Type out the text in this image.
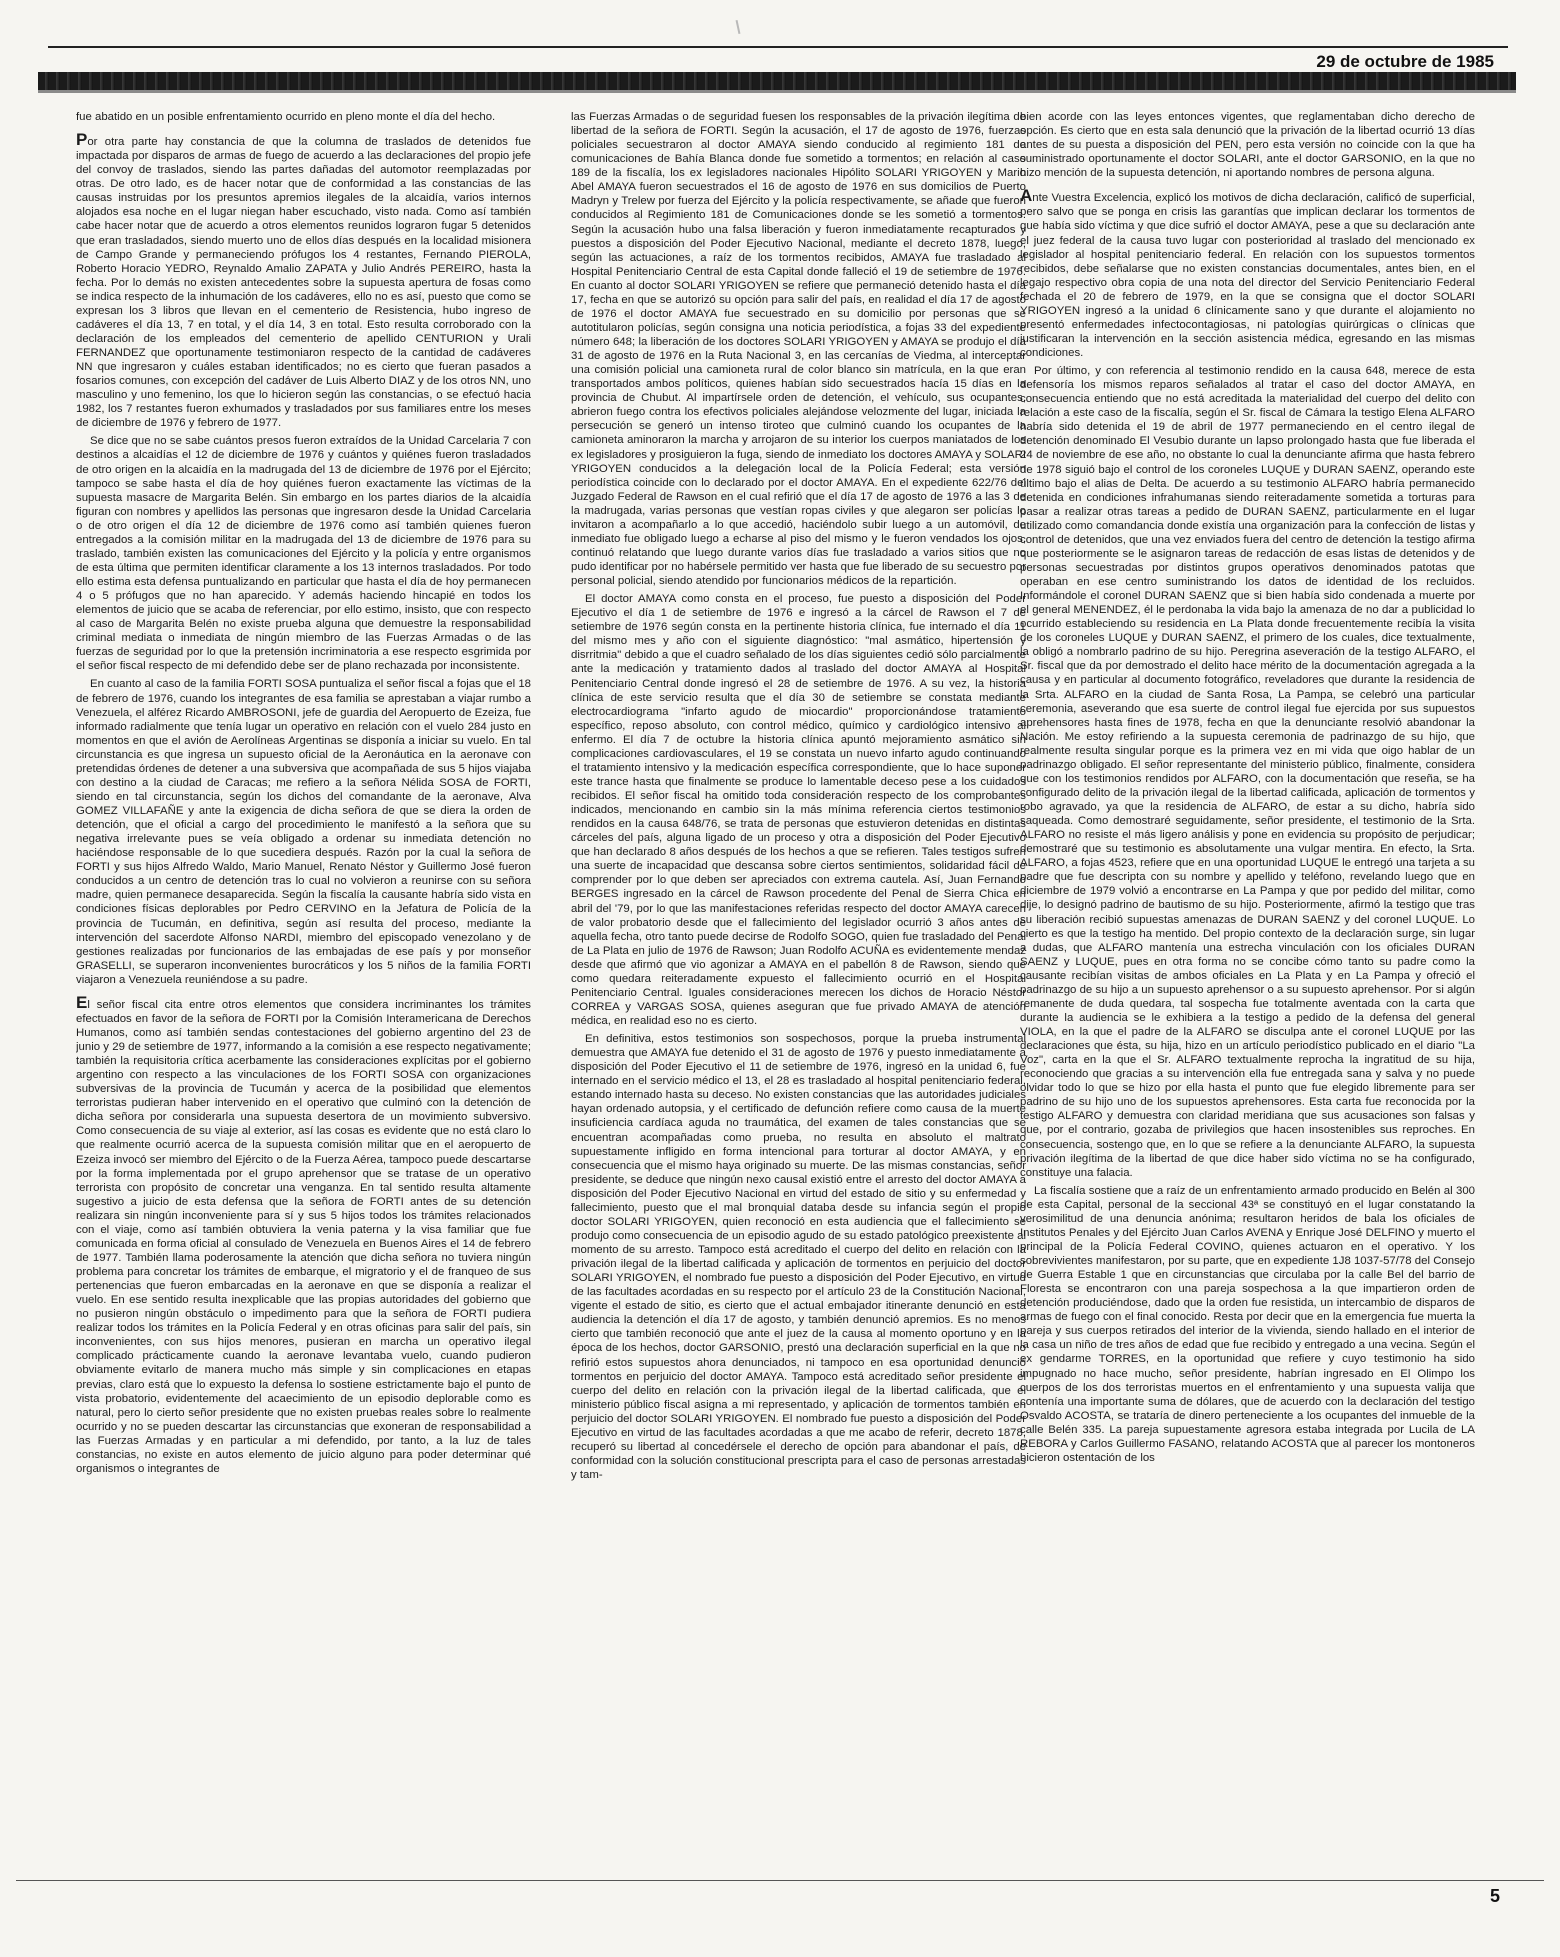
29 de octubre de 1985

fue abatido en un posible enfrentamiento ocurrido en pleno monte el día del hecho.

Por otra parte hay constancia de que la columna de traslados de detenidos fue impactada por disparos de armas de fuego de acuerdo a las declaraciones del propio jefe del convoy de traslados, siendo las partes dañadas del automotor reemplazadas por otras. De otro lado, es de hacer notar que de conformidad a las constancias de las causas instruidas por los presuntos apremios ilegales de la alcaidía, varios internos alojados esa noche en el lugar niegan haber escuchado, visto nada. Como así también cabe hacer notar que de acuerdo a otros elementos reunidos lograron fugar 5 detenidos que eran trasladados, siendo muerto uno de ellos días después en la localidad misionera de Campo Grande y permaneciendo prófugos los 4 restantes, Fernando PIEROLA, Roberto Horacio YEDRO, Reynaldo Amalio ZAPATA y Julio Andrés PEREIRO, hasta la fecha. Por lo demás no existen antecedentes sobre la supuesta apertura de fosas como se indica respecto de la inhumación de los cadáveres, ello no es así, puesto que como se expresan los 3 libros que llevan en el cementerio de Resistencia, hubo ingreso de cadáveres el día 13, 7 en total, y el día 14, 3 en total. Esto resulta corroborado con la declaración de los empleados del cementerio de apellido CENTURION y Urali FERNANDEZ que oportunamente testimoniaron respecto de la cantidad de cadáveres NN que ingresaron y cuáles estaban identificados; no es cierto que fueran pasados a fosarios comunes, con excepción del cadáver de Luis Alberto DIAZ y de los otros NN, uno masculino y uno femenino, los que lo hicieron según las constancias, o se efectuó hacia 1982, los 7 restantes fueron exhumados y trasladados por sus familiares entre los meses de diciembre de 1976 y febrero de 1977.

Se dice que no se sabe cuántos presos fueron extraídos de la Unidad Carcelaria 7 con destinos a alcaidías el 12 de diciembre de 1976 y cuántos y quiénes fueron trasladados de otro origen en la alcaidía en la madrugada del 13 de diciembre de 1976 por el Ejército; tampoco se sabe hasta el día de hoy quiénes fueron exactamente las víctimas de la supuesta masacre de Margarita Belén. Sin embargo en los partes diarios de la alcaidía figuran con nombres y apellidos las personas que ingresaron desde la Unidad Carcelaria o de otro origen el día 12 de diciembre de 1976 como así también quienes fueron entregados a la comisión militar en la madrugada del 13 de diciembre de 1976 para su traslado, también existen las comunicaciones del Ejército y la policía y entre organismos de esta última que permiten identificar claramente a los 13 internos trasladados. Por todo ello estima esta defensa puntualizando en particular que hasta el día de hoy permanecen 4 o 5 prófugos que no han aparecido. Y además haciendo hincapié en todos los elementos de juicio que se acaba de referenciar, por ello estimo, insisto, que con respecto al caso de Margarita Belén no existe prueba alguna que demuestre la responsabilidad criminal mediata o inmediata de ningún miembro de las Fuerzas Armadas o de las fuerzas de seguridad por lo que la pretensión incriminatoria a ese respecto esgrimida por el señor fiscal respecto de mi defendido debe ser de plano rechazada por inconsistente.

En cuanto al caso de la familia FORTI SOSA puntualiza el señor fiscal a fojas que el 18 de febrero de 1976, cuando los integrantes de esa familia se aprestaban a viajar rumbo a Venezuela, el alférez Ricardo AMBROSONI, jefe de guardia del Aeropuerto de Ezeiza, fue informado radialmente que tenía lugar un operativo en relación con el vuelo 284 justo en momentos en que el avión de Aerolíneas Argentinas se disponía a iniciar su vuelo. En tal circunstancia es que ingresa un supuesto oficial de la Aeronáutica en la aeronave con pretendidas órdenes de detener a una subversiva que acompañada de sus 5 hijos viajaba con destino a la ciudad de Caracas; me refiero a la señora Nélida SOSA de FORTI, siendo en tal circunstancia, según los dichos del comandante de la aeronave, Alva GOMEZ VILLAFAÑE y ante la exigencia de dicha señora de que se diera la orden de detención, que el oficial a cargo del procedimiento le manifestó a la señora que su negativa irrelevante pues se veía obligado a ordenar su inmediata detención no haciéndose responsable de lo que sucediera después. Razón por la cual la señora de FORTI y sus hijos Alfredo Waldo, Mario Manuel, Renato Néstor y Guillermo José fueron conducidos a un centro de detención tras lo cual no volvieron a reunirse con su señora madre, quien permanece desaparecida. Según la fiscalía la causante habría sido vista en condiciones físicas deplorables por Pedro CERVINO en la Jefatura de Policía de la provincia de Tucumán, en definitiva, según así resulta del proceso, mediante la intervención del sacerdote Alfonso NARDI, miembro del episcopado venezolano y de gestiones realizadas por funcionarios de las embajadas de ese país y por monseñor GRASELLI, se superaron inconvenientes burocráticos y los 5 niños de la familia FORTI viajaron a Venezuela reuniéndose a su padre.

El señor fiscal cita entre otros elementos que considera incriminantes los trámites efectuados en favor de la señora de FORTI por la Comisión Interamericana de Derechos Humanos, como así también sendas contestaciones del gobierno argentino del 23 de junio y 29 de setiembre de 1977, informando a la comisión a ese respecto negativamente; también la requisitoria crítica acerbamente las consideraciones explícitas por el gobierno argentino con respecto a las vinculaciones de los FORTI SOSA con organizaciones subversivas de la provincia de Tucumán y acerca de la posibilidad que elementos terroristas pudieran haber intervenido en el operativo que culminó con la detención de dicha señora por considerarla una supuesta desertora de un movimiento subversivo. Como consecuencia de su viaje al exterior, así las cosas es evidente que no está claro lo que realmente ocurrió acerca de la supuesta comisión militar que en el aeropuerto de Ezeiza invocó ser miembro del Ejército o de la Fuerza Aérea, tampoco puede descartarse por la forma implementada por el grupo aprehensor que se tratase de un operativo terrorista con propósito de concretar una venganza. En tal sentido resulta altamente sugestivo a juicio de esta defensa que la señora de FORTI antes de su detención realizara sin ningún inconveniente para sí y sus 5 hijos todos los trámites relacionados con el viaje, como así también obtuviera la venia paterna y la visa familiar que fue comunicada en forma oficial al consulado de Venezuela en Buenos Aires el 14 de febrero de 1977. También llama poderosamente la atención que dicha señora no tuviera ningún problema para concretar los trámites de embarque, el migratorio y el de franqueo de sus pertenencias que fueron embarcadas en la aeronave en que se disponía a realizar el vuelo. En ese sentido resulta inexplicable que las propias autoridades del gobierno que no pusieron ningún obstáculo o impedimento para que la señora de FORTI pudiera realizar todos los trámites en la Policía Federal y en otras oficinas para salir del país, sin inconvenientes, con sus hijos menores, pusieran en marcha un operativo ilegal complicado prácticamente cuando la aeronave levantaba vuelo, cuando pudieron obviamente evitarlo de manera mucho más simple y sin complicaciones en etapas previas, claro está que lo expuesto la defensa lo sostiene estrictamente bajo el punto de vista probatorio, evidentemente del acaecimiento de un episodio deplorable como es natural, pero lo cierto señor presidente que no existen pruebas reales sobre lo realmente ocurrido y no se pueden descartar las circunstancias que exoneran de responsabilidad a las Fuerzas Armadas y en particular a mi defendido, por tanto, a la luz de tales constancias, no existe en autos elemento de juicio alguno para poder determinar qué organismos o integrantes de

las Fuerzas Armadas o de seguridad fuesen los responsables de la privación ilegítima de libertad de la señora de FORTI. Según la acusación, el 17 de agosto de 1976, fuerzas policiales secuestraron al doctor AMAYA siendo conducido al regimiento 181 de comunicaciones de Bahía Blanca donde fue sometido a tormentos; en relación al caso 189 de la fiscalía, los ex legisladores nacionales Hipólito SOLARI YRIGOYEN y Mario Abel AMAYA fueron secuestrados el 16 de agosto de 1976 en sus domicilios de Puerto Madryn y Trelew por fuerza del Ejército y la policía respectivamente, se añade que fueron conducidos al Regimiento 181 de Comunicaciones donde se les sometió a tormentos. Según la acusación hubo una falsa liberación y fueron inmediatamente recapturados y puestos a disposición del Poder Ejecutivo Nacional, mediante el decreto 1878, luego, según las actuaciones, a raíz de los tormentos recibidos, AMAYA fue trasladado al Hospital Penitenciario Central de esta Capital donde falleció el 19 de setiembre de 1976. En cuanto al doctor SOLARI YRIGOYEN se refiere que permaneció detenido hasta el día 17, fecha en que se autorizó su opción para salir del país, en realidad el día 17 de agosto de 1976 el doctor AMAYA fue secuestrado en su domicilio por personas que se autotitularon policías, según consigna una noticia periodística, a fojas 33 del expediente número 648; la liberación de los doctores SOLARI YRIGOYEN y AMAYA se produjo el día 31 de agosto de 1976 en la Ruta Nacional 3, en las cercanías de Viedma, al interceptar una comisión policial una camioneta rural de color blanco sin matrícula, en la que eran transportados ambos políticos, quienes habían sido secuestrados hacía 15 días en la provincia de Chubut. Al impartírsele orden de detención, el vehículo, sus ocupantes, abrieron fuego contra los efectivos policiales alejándose velozmente del lugar, iniciada la persecución se generó un intenso tiroteo que culminó cuando los ocupantes de la camioneta aminoraron la marcha y arrojaron de su interior los cuerpos maniatados de los ex legisladores y prosiguieron la fuga, siendo de inmediato los doctores AMAYA y SOLARI YRIGOYEN conducidos a la delegación local de la Policía Federal; esta versión periodística coincide con lo declarado por el doctor AMAYA. En el expediente 622/76 del Juzgado Federal de Rawson en el cual refirió que el día 17 de agosto de 1976 a las 3 de la madrugada, varias personas que vestían ropas civiles y que alegaron ser policías lo invitaron a acompañarlo a lo que accedió, haciéndolo subir luego a un automóvil, de inmediato fue obligado luego a echarse al piso del mismo y le fueron vendados los ojos, continuó relatando que luego durante varios días fue trasladado a varios sitios que no pudo identificar por no habérsele permitido ver hasta que fue liberado de su secuestro por personal policial, siendo atendido por funcionarios médicos de la repartición.

El doctor AMAYA como consta en el proceso, fue puesto a disposición del Poder Ejecutivo el día 1 de setiembre de 1976 e ingresó a la cárcel de Rawson el 7 de setiembre de 1976 según consta en la pertinente historia clínica, fue internado el día 11 del mismo mes y año con el siguiente diagnóstico: "mal asmático, hipertensión y disrritmia" debido a que el cuadro señalado de los días siguientes cedió sólo parcialmente ante la medicación y tratamiento dados al traslado del doctor AMAYA al Hospital Penitenciario Central donde ingresó el 28 de setiembre de 1976. A su vez, la historia clínica de este servicio resulta que el día 30 de setiembre se constata mediante electrocardiograma "infarto agudo de miocardio" proporcionándose tratamiento específico, reposo absoluto, con control médico, químico y cardiológico intensivo al enfermo. El día 7 de octubre la historia clínica apuntó mejoramiento asmático sin complicaciones cardiovasculares, el 19 se constata un nuevo infarto agudo continuando el tratamiento intensivo y la medicación específica correspondiente, que lo hace suponer este trance hasta que finalmente se produce lo lamentable deceso pese a los cuidados recibidos. El señor fiscal ha omitido toda consideración respecto de los comprobantes indicados, mencionando en cambio sin la más mínima referencia ciertos testimonios rendidos en la causa 648/76, se trata de personas que estuvieron detenidas en distintas cárceles del país, alguna ligado de un proceso y otra a disposición del Poder Ejecutivo que han declarado 8 años después de los hechos a que se refieren. Tales testigos sufren una suerte de incapacidad que descansa sobre ciertos sentimientos, solidaridad fácil de comprender por lo que deben ser apreciados con extrema cautela. Así, Juan Fernando BERGES ingresado en la cárcel de Rawson procedente del Penal de Sierra Chica en abril del '79, por lo que las manifestaciones referidas respecto del doctor AMAYA carecen de valor probatorio desde que el fallecimiento del legislador ocurrió 3 años antes de aquella fecha, otro tanto puede decirse de Rodolfo SOGO, quien fue trasladado del Penal de La Plata en julio de 1976 de Rawson; Juan Rodolfo ACUÑA es evidentemente mendaz desde que afirmó que vio agonizar a AMAYA en el pabellón 8 de Rawson, siendo que como quedara reiteradamente expuesto el fallecimiento ocurrió en el Hospital Penitenciario Central. Iguales consideraciones merecen los dichos de Horacio Néstor CORREA y VARGAS SOSA, quienes aseguran que fue privado AMAYA de atención médica, en realidad eso no es cierto.

En definitiva, estos testimonios son sospechosos, porque la prueba instrumental demuestra que AMAYA fue detenido el 31 de agosto de 1976 y puesto inmediatamente a disposición del Poder Ejecutivo el 11 de setiembre de 1976, ingresó en la unidad 6, fue internado en el servicio médico el 13, el 28 es trasladado al hospital penitenciario federal, estando internado hasta su deceso. No existen constancias que las autoridades judiciales hayan ordenado autopsia, y el certificado de defunción refiere como causa de la muerte insuficiencia cardíaca aguda no traumática, del examen de tales constancias que se encuentran acompañadas como prueba, no resulta en absoluto el maltrato supuestamente infligido en forma intencional para torturar al doctor AMAYA, y en consecuencia que el mismo haya originado su muerte. De las mismas constancias, señor presidente, se deduce que ningún nexo causal existió entre el arresto del doctor AMAYA a disposición del Poder Ejecutivo Nacional en virtud del estado de sitio y su enfermedad y fallecimiento, puesto que el mal bronquial databa desde su infancia según el propio doctor SOLARI YRIGOYEN, quien reconoció en esta audiencia que el fallecimiento se produjo como consecuencia de un episodio agudo de su estado patológico preexistente al momento de su arresto. Tampoco está acreditado el cuerpo del delito en relación con la privación ilegal de la libertad calificada y aplicación de tormentos en perjuicio del doctor SOLARI YRIGOYEN, el nombrado fue puesto a disposición del Poder Ejecutivo, en virtud de las facultades acordadas en su respecto por el artículo 23 de la Constitución Nacional, vigente el estado de sitio, es cierto que el actual embajador itinerante denunció en esta audiencia la detención el día 17 de agosto, y también denunció apremios. Es no menos cierto que también reconoció que ante el juez de la causa al momento oportuno y en la época de los hechos, doctor GARSONIO, prestó una declaración superficial en la que no refirió estos supuestos ahora denunciados, ni tampoco en esa oportunidad denunció tormentos en perjuicio del doctor AMAYA. Tampoco está acreditado señor presidente el cuerpo del delito en relación con la privación ilegal de la libertad calificada, que el ministerio público fiscal asigna a mi representado, y aplicación de tormentos también en perjuicio del doctor SOLARI YRIGOYEN. El nombrado fue puesto a disposición del Poder Ejecutivo en virtud de las facultades acordadas a que me acabo de referir, decreto 1878, recuperó su libertad al concedérsele el derecho de opción para abandonar el país, de conformidad con la solución constitucional prescripta para el caso de personas arrestadas y tam-

bien acorde con las leyes entonces vigentes, que reglamentaban dicho derecho de opción. Es cierto que en esta sala denunció que la privación de la libertad ocurrió 13 días antes de su puesta a disposición del PEN, pero esta versión no coincide con la que ha suministrado oportunamente el doctor SOLARI, ante el doctor GARSONIO, en la que no hizo mención de la supuesta detención, ni aportando nombres de persona alguna.

Ante Vuestra Excelencia, explicó los motivos de dicha declaración, calificó de superficial, pero salvo que se ponga en crisis las garantías que implican declarar los tormentos de que había sido víctima y que dice sufrió el doctor AMAYA, pese a que su declaración ante el juez federal de la causa tuvo lugar con posterioridad al traslado del mencionado ex legislador al hospital penitenciario federal. En relación con los supuestos tormentos recibidos, debe señalarse que no existen constancias documentales, antes bien, en el legajo respectivo obra copia de una nota del director del Servicio Penitenciario Federal fechada el 20 de febrero de 1979, en la que se consigna que el doctor SOLARI YRIGOYEN ingresó a la unidad 6 clínicamente sano y que durante el alojamiento no presentó enfermedades infectocontagiosas, ni patologías quirúrgicas o clínicas que justificaran la intervención en la sección asistencia médica, egresando en las mismas condiciones.

Por último, y con referencia al testimonio rendido en la causa 648, merece de esta defensoría los mismos reparos señalados al tratar el caso del doctor AMAYA, en consecuencia entiendo que no está acreditada la materialidad del cuerpo del delito con relación a este caso de la fiscalía, según el Sr. fiscal de Cámara la testigo Elena ALFARO habría sido detenida el 19 de abril de 1977 permaneciendo en el centro ilegal de detención denominado El Vesubio durante un lapso prolongado hasta que fue liberada el 24 de noviembre de ese año, no obstante lo cual la denunciante afirma que hasta febrero de 1978 siguió bajo el control de los coroneles LUQUE y DURAN SAENZ, operando este último bajo el alias de Delta. De acuerdo a su testimonio ALFARO habría permanecido detenida en condiciones infrahumanas siendo reiteradamente sometida a torturas para pasar a realizar otras tareas a pedido de DURAN SAENZ, particularmente en el lugar utilizado como comandancia donde existía una organización para la confección de listas y control de detenidos, que una vez enviados fuera del centro de detención la testigo afirma que posteriormente se le asignaron tareas de redacción de esas listas de detenidos y de personas secuestradas por distintos grupos operativos denominados patotas que operaban en ese centro suministrando los datos de identidad de los recluidos. Informándole el coronel DURAN SAENZ que si bien había sido condenada a muerte por el general MENENDEZ, él le perdonaba la vida bajo la amenaza de no dar a publicidad lo ocurrido estableciendo su residencia en La Plata donde frecuentemente recibía la visita de los coroneles LUQUE y DURAN SAENZ, el primero de los cuales, dice textualmente, la obligó a nombrarlo padrino de su hijo. Peregrina aseveración de la testigo ALFARO, el Sr. fiscal que da por demostrado el delito hace mérito de la documentación agregada a la causa y en particular al documento fotográfico, reveladores que durante la residencia de la Srta. ALFARO en la ciudad de Santa Rosa, La Pampa, se celebró una particular ceremonia, aseverando que esa suerte de control ilegal fue ejercida por sus supuestos aprehensores hasta fines de 1978, fecha en que la denunciante resolvió abandonar la Nación. Me estoy refiriendo a la supuesta ceremonia de padrinazgo de su hijo, que realmente resulta singular porque es la primera vez en mi vida que oigo hablar de un padrinazgo obligado. El señor representante del ministerio público, finalmente, considera que con los testimonios rendidos por ALFARO, con la documentación que reseña, se ha configurado delito de la privación ilegal de la libertad calificada, aplicación de tormentos y robo agravado, ya que la residencia de ALFARO, de estar a su dicho, habría sido saqueada. Como demostraré seguidamente, señor presidente, el testimonio de la Srta. ALFARO no resiste el más ligero análisis y pone en evidencia su propósito de perjudicar; demostraré que su testimonio es absolutamente una vulgar mentira. En efecto, la Srta. ALFARO, a fojas 4523, refiere que en una oportunidad LUQUE le entregó una tarjeta a su padre que fue descripta con su nombre y apellido y teléfono, revelando luego que en diciembre de 1979 volvió a encontrarse en La Pampa y que por pedido del militar, como dije, lo designó padrino de bautismo de su hijo. Posteriormente, afirmó la testigo que tras su liberación recibió supuestas amenazas de DURAN SAENZ y del coronel LUQUE. Lo cierto es que la testigo ha mentido. Del propio contexto de la declaración surge, sin lugar a dudas, que ALFARO mantenía una estrecha vinculación con los oficiales DURAN SAENZ y LUQUE, pues en otra forma no se concibe cómo tanto su padre como la causante recibían visitas de ambos oficiales en La Plata y en La Pampa y ofreció el padrinazgo de su hijo a un supuesto aprehensor o a su supuesto aprehensor. Por si algún remanente de duda quedara, tal sospecha fue totalmente aventada con la carta que durante la audiencia se le exhibiera a la testigo a pedido de la defensa del general VIOLA, en la que el padre de la ALFARO se disculpa ante el coronel LUQUE por las declaraciones que ésta, su hija, hizo en un artículo periodístico publicado en el diario "La Voz", carta en la que el Sr. ALFARO textualmente reprocha la ingratitud de su hija, reconociendo que gracias a su intervención ella fue entregada sana y salva y no puede olvidar todo lo que se hizo por ella hasta el punto que fue elegido libremente para ser padrino de su hijo uno de los supuestos aprehensores. Esta carta fue reconocida por la testigo ALFARO y demuestra con claridad meridiana que sus acusaciones son falsas y que, por el contrario, gozaba de privilegios que hacen insostenibles sus reproches. En consecuencia, sostengo que, en lo que se refiere a la denunciante ALFARO, la supuesta privación ilegítima de la libertad de que dice haber sido víctima no se ha configurado, constituye una falacia.

La fiscalía sostiene que a raíz de un enfrentamiento armado producido en Belén al 300 de esta Capital, personal de la seccional 43ª se constituyó en el lugar constatando la verosimilitud de una denuncia anónima; resultaron heridos de bala los oficiales de Institutos Penales y del Ejército Juan Carlos AVENA y Enrique José DELFINO y muerto el principal de la Policía Federal COVINO, quienes actuaron en el operativo. Y los sobrevivientes manifestaron, por su parte, que en expediente 1J8 1037-57/78 del Consejo de Guerra Estable 1 que en circunstancias que circulaba por la calle Bel del barrio de Floresta se encontraron con una pareja sospechosa a la que impartieron orden de detención produciéndose, dado que la orden fue resistida, un intercambio de disparos de armas de fuego con el final conocido. Resta por decir que en la emergencia fue muerta la pareja y sus cuerpos retirados del interior de la vivienda, siendo hallado en el interior de la casa un niño de tres años de edad que fue recibido y entregado a una vecina. Según el ex gendarme TORRES, en la oportunidad que refiere y cuyo testimonio ha sido impugnado no hace mucho, señor presidente, habrían ingresado en El Olimpo los cuerpos de los dos terroristas muertos en el enfrentamiento y una supuesta valija que contenía una importante suma de dólares, que de acuerdo con la declaración del testigo Osvaldo ACOSTA, se trataría de dinero perteneciente a los ocupantes del inmueble de la calle Belén 335. La pareja supuestamente agresora estaba integrada por Lucila de LA REBORA y Carlos Guillermo FASANO, relatando ACOSTA que al parecer los montoneros hicieron ostentación de los

5
